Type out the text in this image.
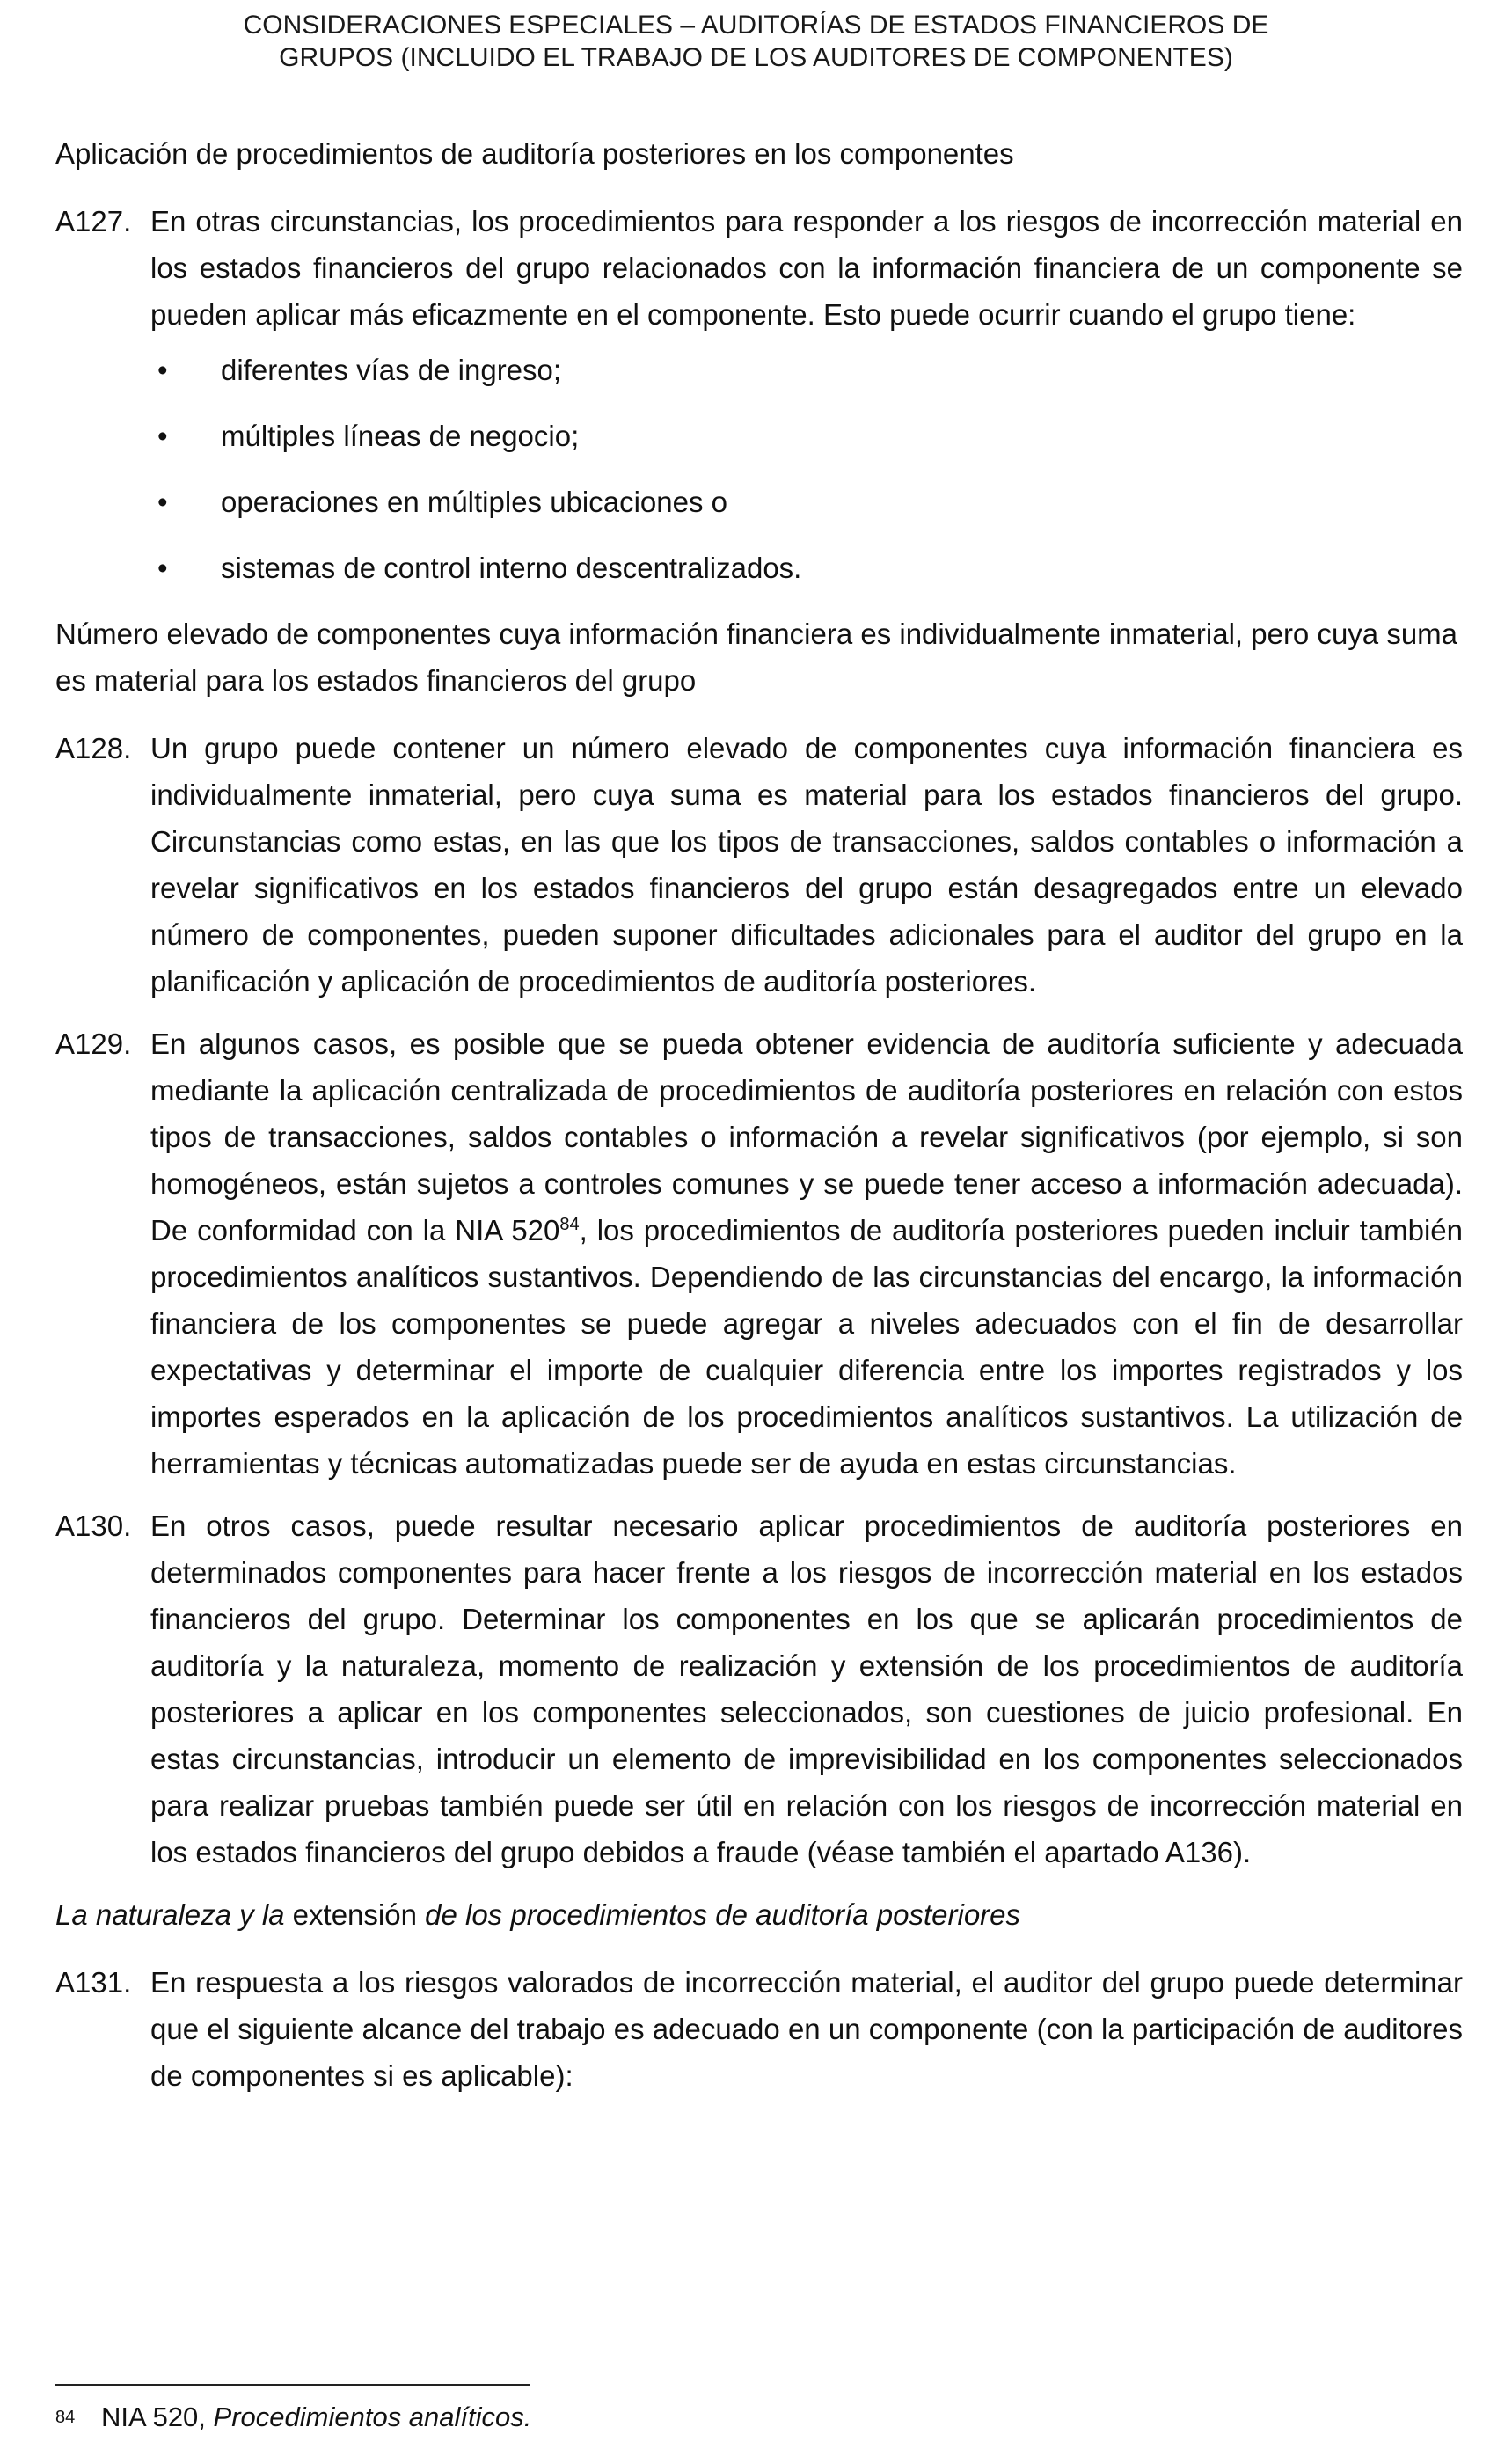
CONSIDERACIONES ESPECIALES – AUDITORÍAS DE ESTADOS FINANCIEROS DE
GRUPOS (INCLUIDO EL TRABAJO DE LOS AUDITORES DE COMPONENTES)
Aplicación de procedimientos de auditoría posteriores en los componentes
A127. En otras circunstancias, los procedimientos para responder a los riesgos de incorrección material en los estados financieros del grupo relacionados con la información financiera de un componente se pueden aplicar más eficazmente en el componente. Esto puede ocurrir cuando el grupo tiene:
• diferentes vías de ingreso;
• múltiples líneas de negocio;
• operaciones en múltiples ubicaciones o
• sistemas de control interno descentralizados.
Número elevado de componentes cuya información financiera es individualmente inmaterial, pero cuya suma es material para los estados financieros del grupo
A128. Un grupo puede contener un número elevado de componentes cuya información financiera es individualmente inmaterial, pero cuya suma es material para los estados financieros del grupo. Circunstancias como estas, en las que los tipos de transacciones, saldos contables o información a revelar significativos en los estados financieros del grupo están desagregados entre un elevado número de componentes, pueden suponer dificultades adicionales para el auditor del grupo en la planificación y aplicación de procedimientos de auditoría posteriores.
A129. En algunos casos, es posible que se pueda obtener evidencia de auditoría suficiente y adecuada mediante la aplicación centralizada de procedimientos de auditoría posteriores en relación con estos tipos de transacciones, saldos contables o información a revelar significativos (por ejemplo, si son homogéneos, están sujetos a controles comunes y se puede tener acceso a información adecuada). De conformidad con la NIA $520^{84}$, los procedimientos de auditoría posteriores pueden incluir también procedimientos analíticos sustantivos. Dependiendo de las circunstancias del encargo, la información financiera de los componentes se puede agregar a niveles adecuados con el fin de desarrollar expectativas y determinar el importe de cualquier diferencia entre los importes registrados y los importes esperados en la aplicación de los procedimientos analíticos sustantivos. La utilización de herramientas y técnicas automatizadas puede ser de ayuda en estas circunstancias.
A130. En otros casos, puede resultar necesario aplicar procedimientos de auditoría posteriores en determinados componentes para hacer frente a los riesgos de incorrección material en los estados financieros del grupo. Determinar los componentes en los que se aplicarán procedimientos de auditoría y la naturaleza, momento de realización y extensión de los procedimientos de auditoría posteriores a aplicar en los componentes seleccionados, son cuestiones de juicio profesional. En estas circunstancias, introducir un elemento de imprevisibilidad en los componentes seleccionados para realizar pruebas también puede ser útil en relación con los riesgos de incorrección material en los estados financieros del grupo debidos a fraude (véase también el apartado A136).
La naturaleza y la extensión de los procedimientos de auditoría posteriores
A131. En respuesta a los riesgos valorados de incorrección material, el auditor del grupo puede determinar que el siguiente alcance del trabajo es adecuado en un componente (con la participación de auditores de componentes si es aplicable):
84 NIA 520, Procedimientos analíticos.
